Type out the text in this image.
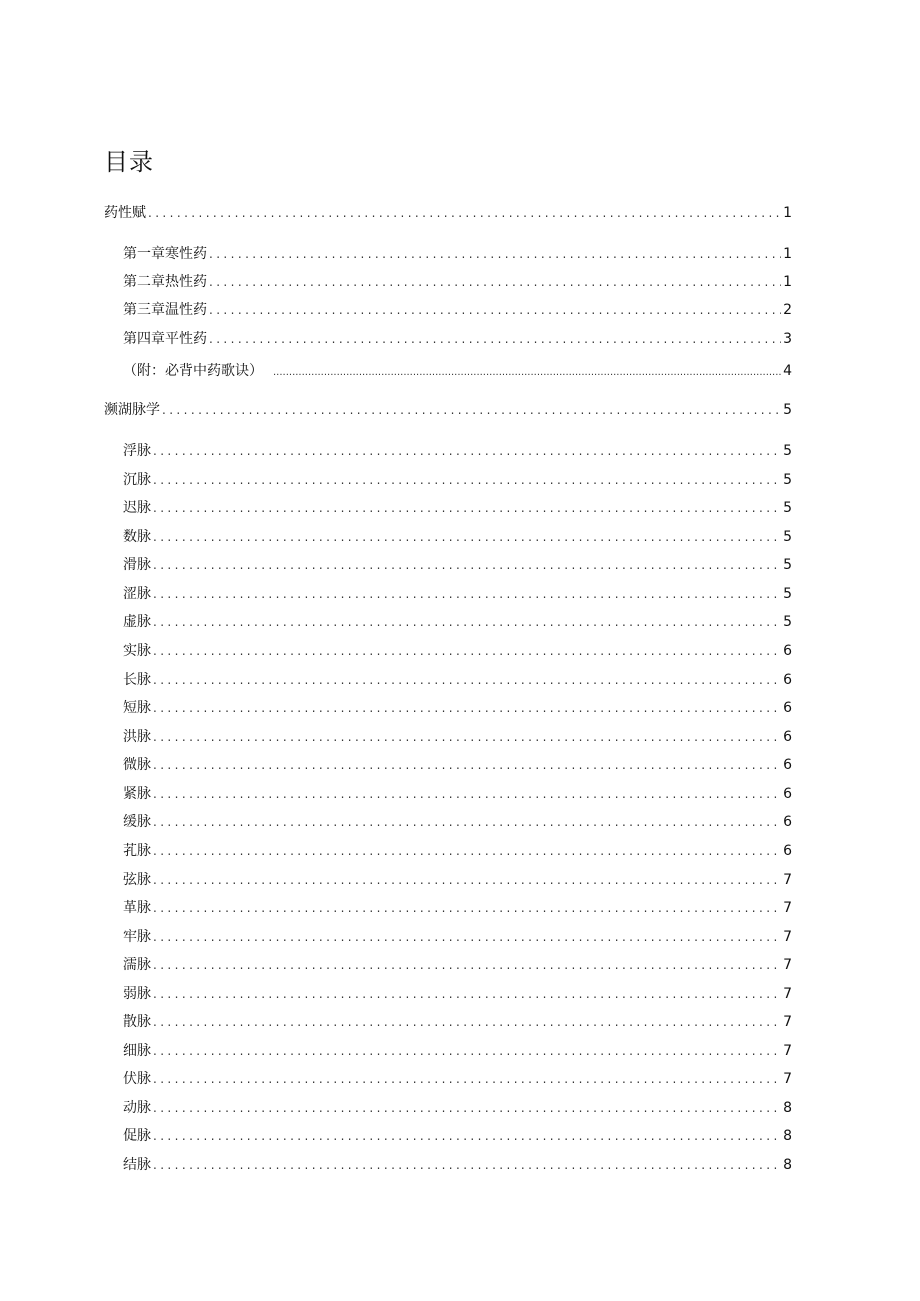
目录
药性赋 .....	1
第一章寒性药 .....	1
第二章热性药 .....	1
第三章温性药 .....	2
第四章平性药 .....	3
（附：必背中药歌诀） .....	4
濒湖脉学 .....	5
浮脉 .....	5
沉脉 .....	5
迟脉 .....	5
数脉 .....	5
滑脉 .....	5
涩脉 .....	5
虚脉 .....	5
实脉 .....	6
长脉 .....	6
短脉 .....	6
洪脉 .....	6
微脉 .....	6
紧脉 .....	6
缓脉 .....	6
芤脉 .....	6
弦脉 .....	7
革脉 .....	7
牢脉 .....	7
濡脉 .....	7
弱脉 .....	7
散脉 .....	7
细脉 .....	7
伏脉 .....	7
动脉 .....	8
促脉 .....	8
结脉 .....	8
